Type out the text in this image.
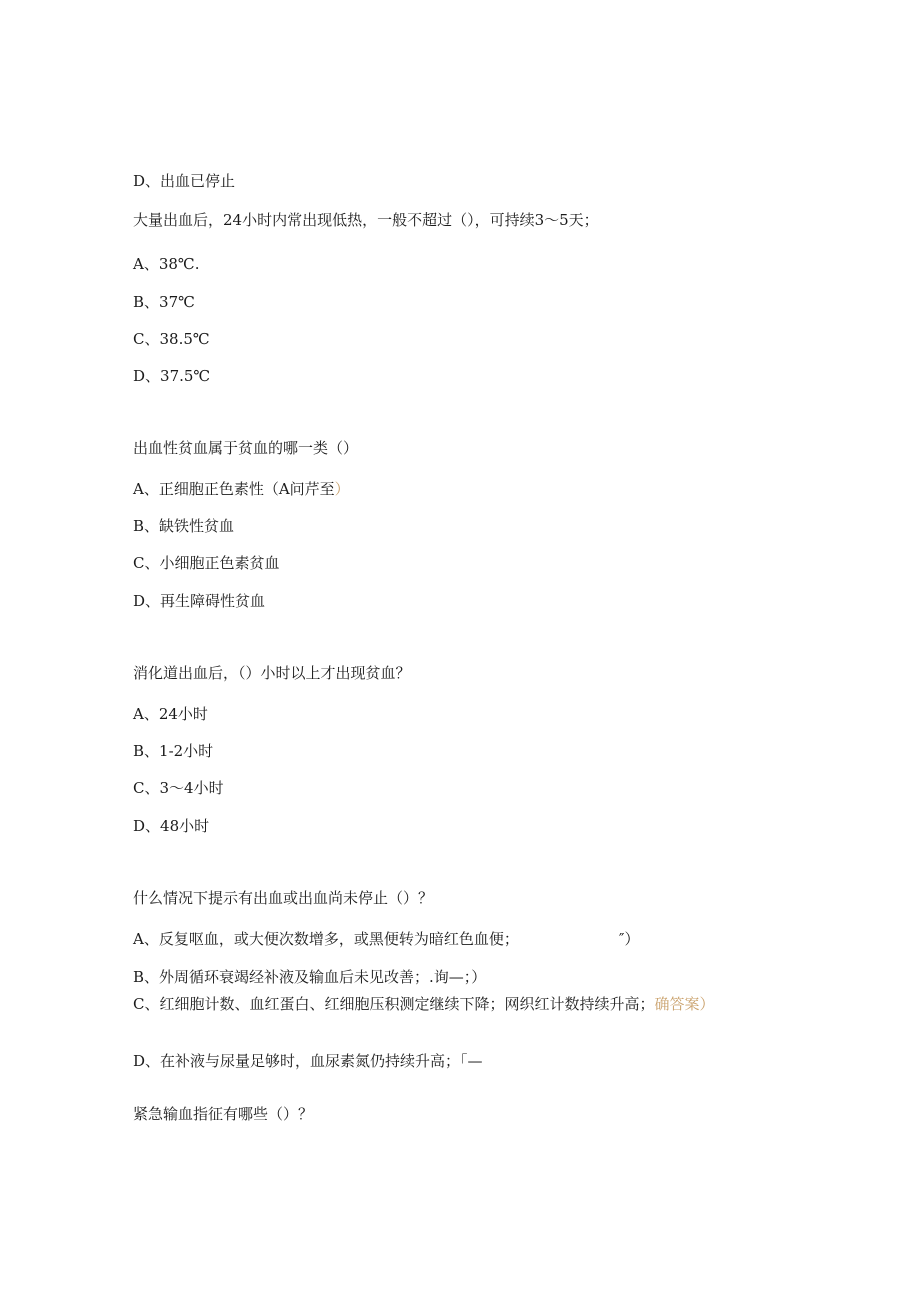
D、出血已停止

大量出血后，24小时内常出现低热，一般不超过（），可持续3～5天；

A、38℃.

B、37℃

C、38.5℃

D、37.5℃

出血性贫血属于贫血的哪一类（）

A、正细胞正色素性（A问芹至）

B、缺铁性贫血

C、小细胞正色素贫血

D、再生障碍性贫血

消化道出血后，（）小时以上才出现贫血？

A、24小时

B、1-2小时

C、3～4小时

D、48小时

什么情况下提示有出血或出血尚未停止（）？

A、反复呕血，或大便次数增多，或黑便转为暗红色血便；	″）

B、外周循环衰竭经补液及输血后未见改善；.询—；）

C、红细胞计数、血红蛋白、红细胞压积测定继续下降；网织红计数持续升高；确答案）

D、在补液与尿量足够时，血尿素氮仍持续升高；「—

紧急输血指征有哪些（）？
